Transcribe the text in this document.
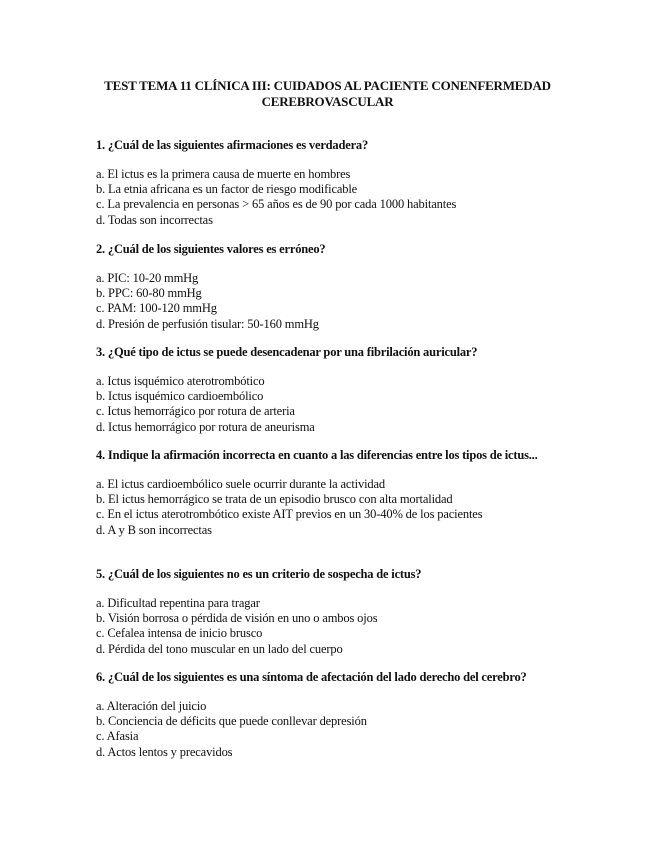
TEST TEMA 11 CLÍNICA III: CUIDADOS AL PACIENTE CONENFERMEDAD CEREBROVASCULAR

1. ¿Cuál de las siguientes afirmaciones es verdadera?

a. El ictus es la primera causa de muerte en hombres
b. La etnia africana es un factor de riesgo modificable
c. La prevalencia en personas > 65 años es de 90 por cada 1000 habitantes
d. Todas son incorrectas

2. ¿Cuál de los siguientes valores es erróneo?

a. PIC: 10-20 mmHg
b. PPC: 60-80 mmHg
c. PAM: 100-120 mmHg
d. Presión de perfusión tisular: 50-160 mmHg

3. ¿Qué tipo de ictus se puede desencadenar por una fibrilación auricular?

a. Ictus isquémico aterotrombótico
b. Ictus isquémico cardioembólico
c. Ictus hemorrágico por rotura de arteria
d. Ictus hemorrágico por rotura de aneurisma

4. Indique la afirmación incorrecta en cuanto a las diferencias entre los tipos de ictus...

a. El ictus cardioembólico suele ocurrir durante la actividad
b. El ictus hemorrágico se trata de un episodio brusco con alta mortalidad
c. En el ictus aterotrombótico existe AIT previos en un 30-40% de los pacientes
d. A y B son incorrectas

5. ¿Cuál de los siguientes no es un criterio de sospecha de ictus?

a. Dificultad repentina para tragar
b. Visión borrosa o pérdida de visión en uno o ambos ojos
c. Cefalea intensa de inicio brusco
d. Pérdida del tono muscular en un lado del cuerpo

6. ¿Cuál de los siguientes es una síntoma de afectación del lado derecho del cerebro?

a. Alteración del juicio
b. Conciencia de déficits que puede conllevar depresión
c. Afasia
d. Actos lentos y precavidos
